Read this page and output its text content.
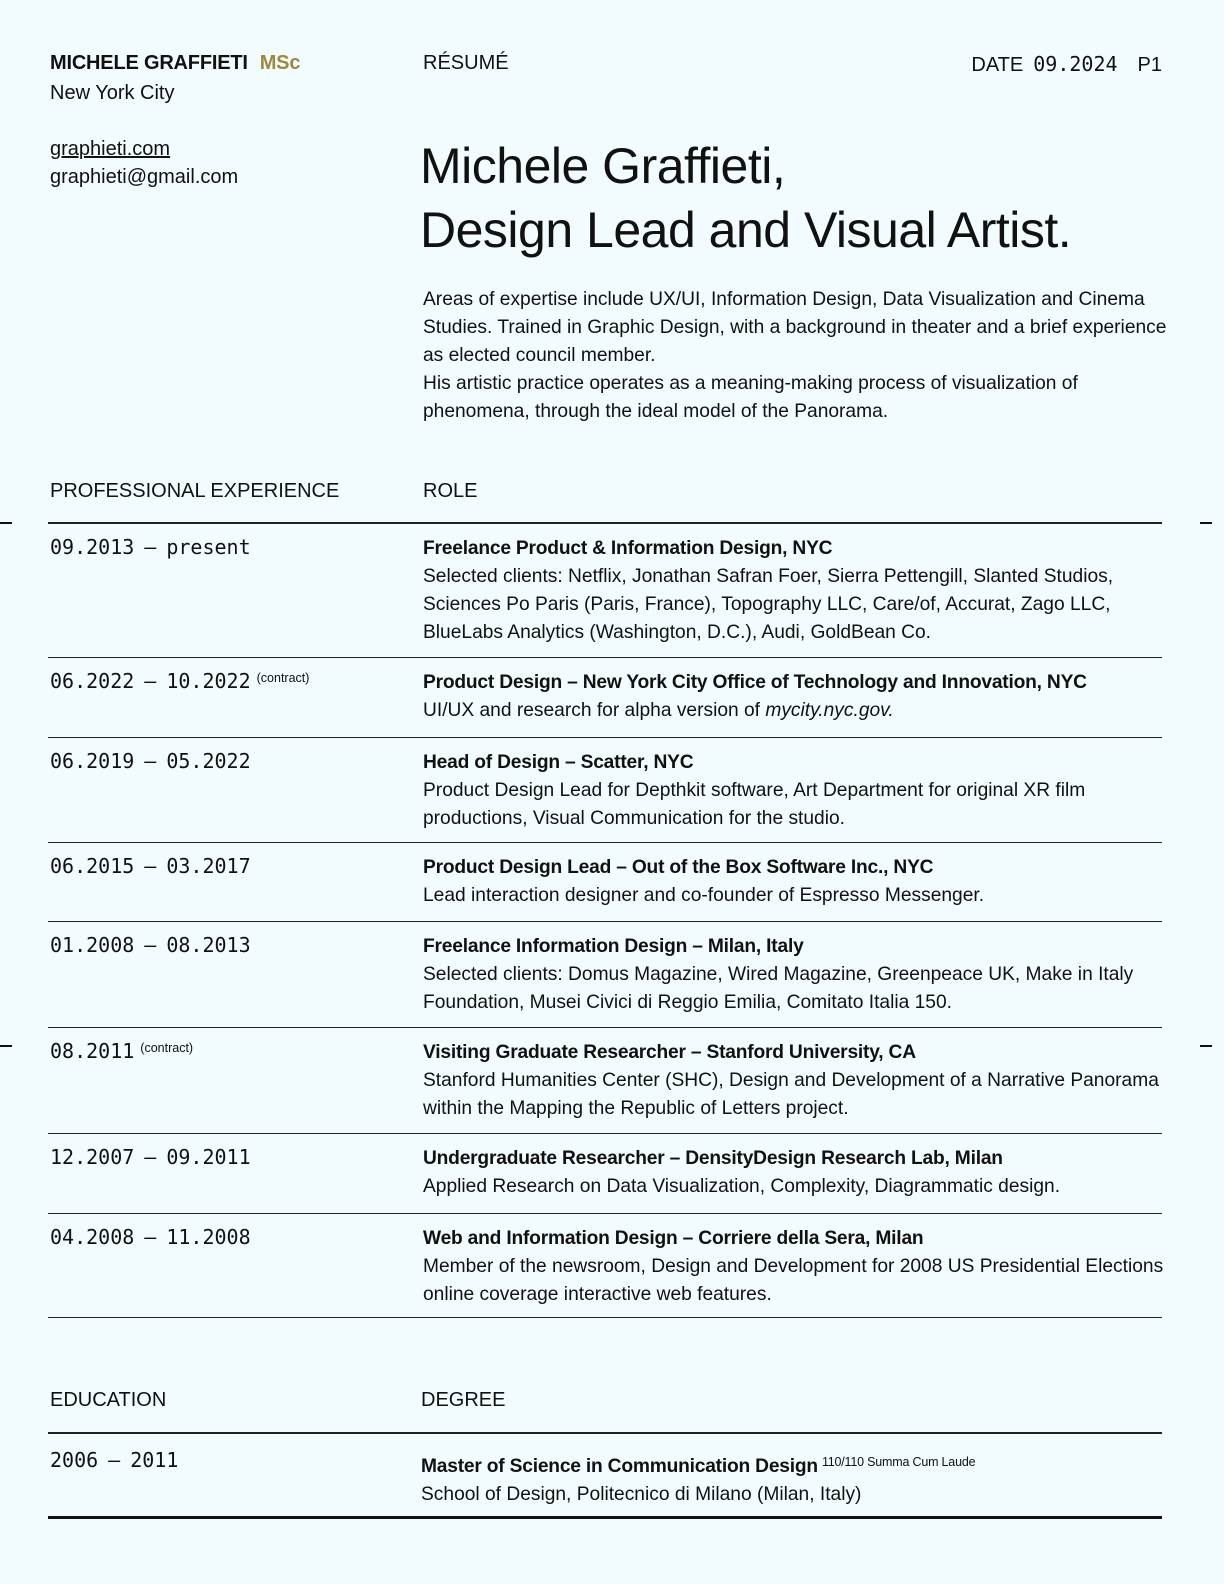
MICHELE GRAFFIETI MSc
New York City
graphieti.com
graphieti@gmail.com
RÉSUMÉ	DATE 09.2024 P1
Michele Graffieti,
Design Lead and Visual Artist.

Areas of expertise include UX/UI, Information Design, Data Visualization and Cinema Studies. Trained in Graphic Design, with a background in theater and a brief experience as elected council member.
His artistic practice operates as a meaning-making process of visualization of phenomena, through the ideal model of the Panorama.

PROFESSIONAL EXPERIENCE	ROLE
09.2013 — present	Freelance Product & Information Design, NYC
Selected clients: Netflix, Jonathan Safran Foer, Sierra Pettengill, Slanted Studios, Sciences Po Paris (Paris, France), Topography LLC, Care/of, Accurat, Zago LLC, BlueLabs Analytics (Washington, D.C.), Audi, GoldBean Co.
06.2022 — 10.2022 $^{(contract)}$	Product Design – New York City Office of Technology and Innovation, NYC
UI/UX and research for alpha version of mycity.nyc.gov.
06.2019 — 05.2022	Head of Design – Scatter, NYC
Product Design Lead for Depthkit software, Art Department for original XR film productions, Visual Communication for the studio.
06.2015 — 03.2017	Product Design Lead – Out of the Box Software Inc., NYC
Lead interaction designer and co-founder of Espresso Messenger.
01.2008 — 08.2013	Freelance Information Design – Milan, Italy
Selected clients: Domus Magazine, Wired Magazine, Greenpeace UK, Make in Italy Foundation, Musei Civici di Reggio Emilia, Comitato Italia 150.
08.2011 $^{(contract)}$	Visiting Graduate Researcher – Stanford University, CA
Stanford Humanities Center (SHC), Design and Development of a Narrative Panorama within the Mapping the Republic of Letters project.
12.2007 — 09.2011	Undergraduate Researcher – DensityDesign Research Lab, Milan
Applied Research on Data Visualization, Complexity, Diagrammatic design.
04.2008 — 11.2008	Web and Information Design – Corriere della Sera, Milan
Member of the newsroom, Design and Development for 2008 US Presidential Elections online coverage interactive web features.
EDUCATION	DEGREE
2006 – 2011	Master of Science in Communication Design $^{110/110 Summa Cum Laude}$
School of Design, Politecnico di Milano (Milan, Italy)
